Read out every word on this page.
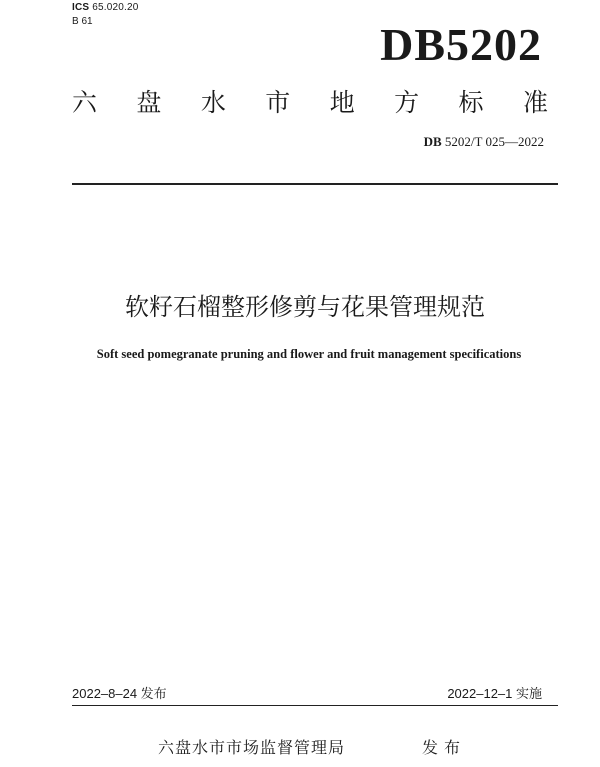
ICS 65.020.20
B 61	DB5202
六 盘 水 市 地 方 标 准
DB 5202/T 025—2022
软籽石榴整形修剪与花果管理规范
Soft seed pomegranate pruning and flower and fruit management specifications
2022‒8‒24 发布	2022‒12‒1 实施
六盘水市市场监督管理局	发布
